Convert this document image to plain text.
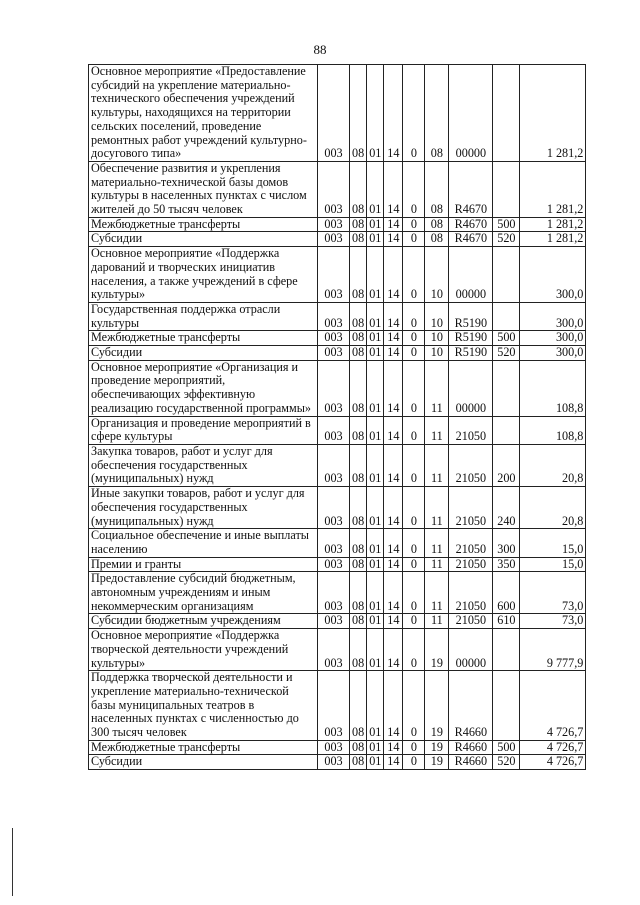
88
Основное мероприятие «Предоставление субсидий на укрепление материально-технического обеспечения учреждений культуры, находящихся на территории сельских поселений, проведение ремонтных работ учреждений культурно-досугового типа»	003	08	01	14	0	08	00000		1 281,2
Обеспечение развития и укрепления материально-технической базы домов культуры в населенных пунктах с числом жителей до 50 тысяч человек	003	08	01	14	0	08	R4670		1 281,2
Межбюджетные трансферты	003	08	01	14	0	08	R4670	500	1 281,2
Субсидии	003	08	01	14	0	08	R4670	520	1 281,2
Основное мероприятие «Поддержка дарований и творческих инициатив населения, а также учреждений в сфере культуры»	003	08	01	14	0	10	00000		300,0
Государственная поддержка отрасли культуры	003	08	01	14	0	10	R5190		300,0
Межбюджетные трансферты	003	08	01	14	0	10	R5190	500	300,0
Субсидии	003	08	01	14	0	10	R5190	520	300,0
Основное мероприятие «Организация и проведение мероприятий, обеспечивающих эффективную реализацию государственной программы»	003	08	01	14	0	11	00000		108,8
Организация и проведение мероприятий в сфере культуры	003	08	01	14	0	11	21050		108,8
Закупка товаров, работ и услуг для обеспечения государственных (муниципальных) нужд	003	08	01	14	0	11	21050	200	20,8
Иные закупки товаров, работ и услуг для обеспечения государственных (муниципальных) нужд	003	08	01	14	0	11	21050	240	20,8
Социальное обеспечение и иные выплаты населению	003	08	01	14	0	11	21050	300	15,0
Премии и гранты	003	08	01	14	0	11	21050	350	15,0
Предоставление субсидий бюджетным, автономным учреждениям и иным некоммерческим организациям	003	08	01	14	0	11	21050	600	73,0
Субсидии бюджетным учреждениям	003	08	01	14	0	11	21050	610	73,0
Основное мероприятие «Поддержка творческой деятельности учреждений культуры»	003	08	01	14	0	19	00000		9 777,9
Поддержка творческой деятельности и укрепление материально-технической базы муниципальных театров в населенных пунктах с численностью до 300 тысяч человек	003	08	01	14	0	19	R4660		4 726,7
Межбюджетные трансферты	003	08	01	14	0	19	R4660	500	4 726,7
Субсидии	003	08	01	14	0	19	R4660	520	4 726,7
